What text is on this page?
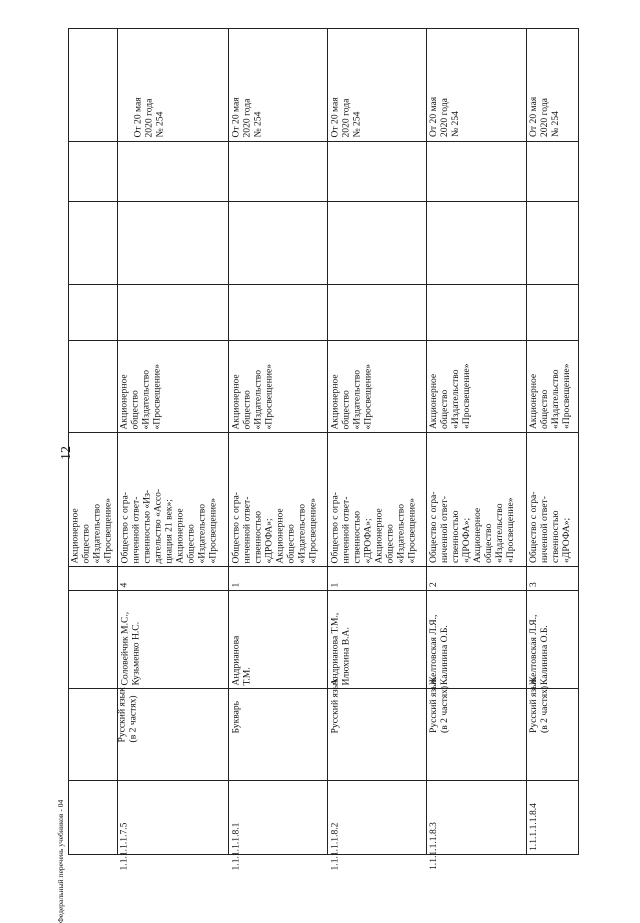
12
Федеральный перечень учебников - 04
Акционерное
общество
«Издательство
«Просвещение»
1.1.1.1.1.7.5
Русский язык
(в 2 частях)
Соловейчик М.С.,
Кузьменко Н.С.
4
Общество с огра-
ниченной ответ-
ственностью «Из-
дательство «Ассо-
циация 21 век»;
Акционерное
общество
«Издательство
«Просвещение»
Акционерное
общество
«Издательство
«Просвещение»
От 20 мая
2020 года
№ 254
1.1.1.1.1.8.1
Букварь
Андрианова
Т.М.
1
Общество с огра-
ниченной ответ-
ственностью
«ДРОФА»;
Акционерное
общество
«Издательство
«Просвещение»
Акционерное
общество
«Издательство
«Просвещение»
От 20 мая
2020 года
№ 254
1.1.1.1.1.8.2
Русский язык
Андрианова Т.М.,
Илюхина В.А.
1
Общество с огра-
ниченной ответ-
ственностью
«ДРОФА»;
Акционерное
общество
«Издательство
«Просвещение»
Акционерное
общество
«Издательство
«Просвещение»
От 20 мая
2020 года
№ 254
1.1.1.1.1.8.3
Русский язык
(в 2 частях)
Желтовская Л.Я.,
Калинина О.Б.
2
Общество с огра-
ниченной ответ-
ственностью
«ДРОФА»;
Акционерное
общество
«Издательство
«Просвещение»
Акционерное
общество
«Издательство
«Просвещение»
От 20 мая
2020 года
№ 254
1.1.1.1.1.8.4
Русский язык
(в 2 частях)
Желтовская Л.Я.,
Калинина О.Б.
3
Общество с огра-
ниченной ответ-
ственностью
«ДРОФА»;
Акционерное
общество
«Издательство
«Просвещение»
От 20 мая
2020 года
№ 254
